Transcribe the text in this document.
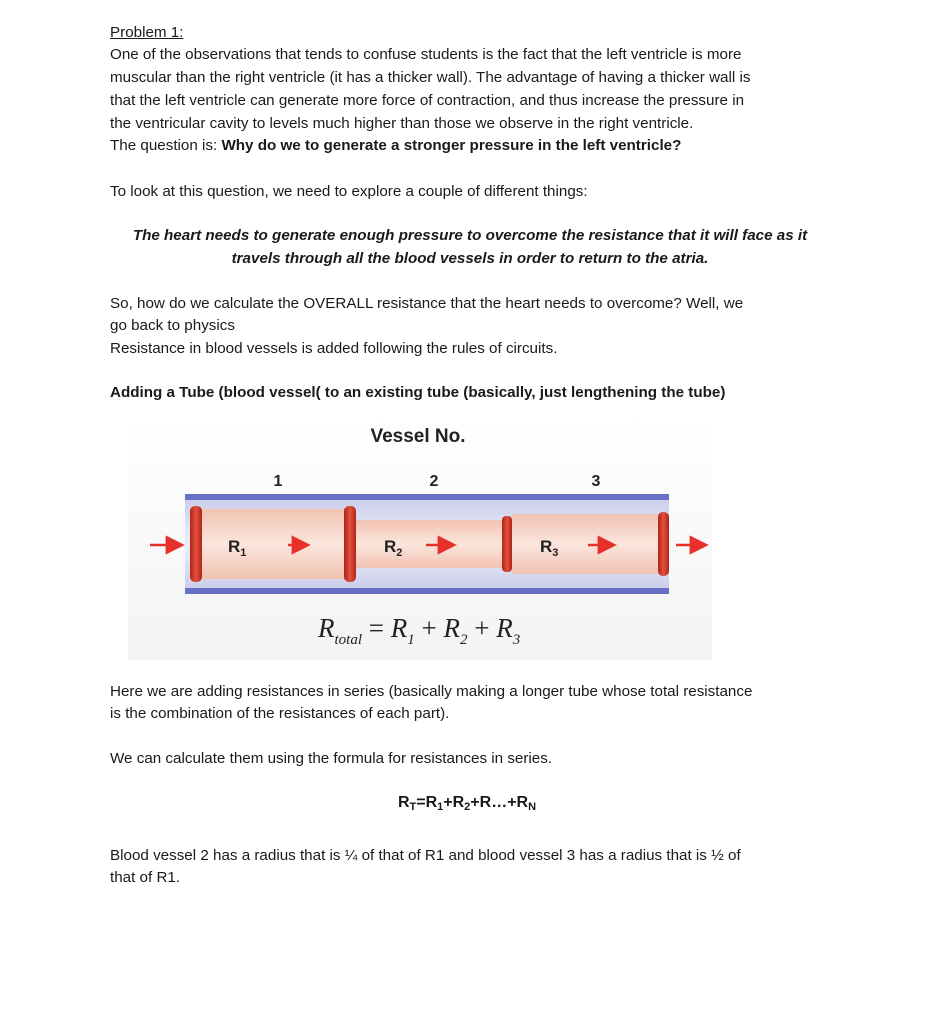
Problem 1:

One of the observations that tends to confuse students is the fact that the left ventricle is more

muscular than the right ventricle (it has a thicker wall). The advantage of having a thicker wall is

that the left ventricle can generate more force of contraction, and thus increase the pressure in

the ventricular cavity to levels much higher than those we observe in the right ventricle.

The question is: Why do we to generate a stronger pressure in the left ventricle?

To look at this question, we need to explore a couple of different things:

The heart needs to generate enough pressure to overcome the resistance that it will face as it

travels through all the blood vessels in order to return to the atria.

So, how do we calculate the OVERALL resistance that the heart needs to overcome? Well, we

go back to physics

Resistance in blood vessels is added following the rules of circuits.

Adding a Tube (blood vessel( to an existing tube (basically, just lengthening the tube)

Vessel No.
1	2	3
$R_1$	$R_2$	$R_3$
$R_{total} = R_1 + R_2 + R_3$

Here we are adding resistances in series (basically making a longer tube whose total resistance

is the combination of the resistances of each part).

We can calculate them using the formula for resistances in series.

$R_T=R_1+R_2+R\dots+R_N$

Blood vessel 2 has a radius that is ¼ of that of R1 and blood vessel 3 has a radius that is ½ of

that of R1.
